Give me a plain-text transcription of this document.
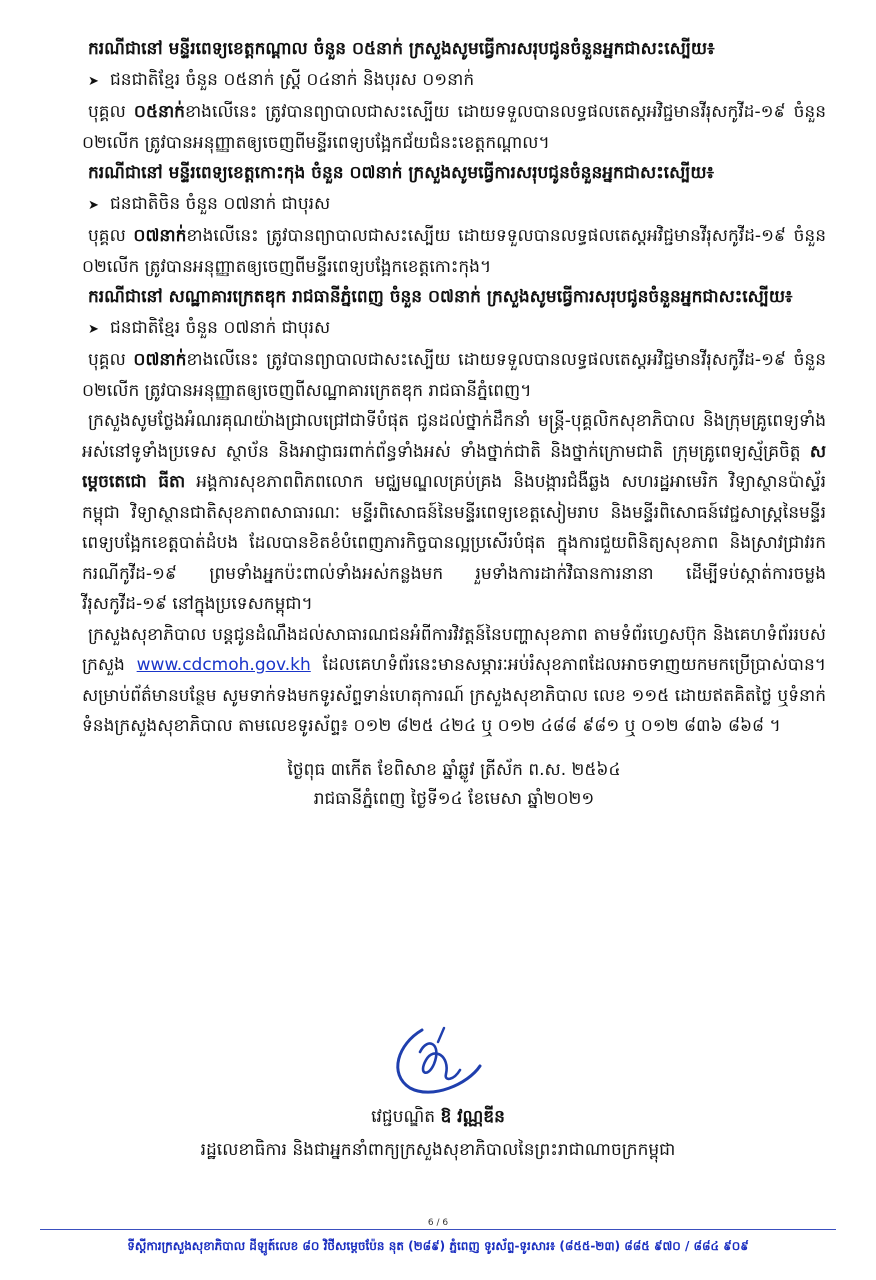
ករណីជានៅ មន្ទីរពេទ្យខេត្តកណ្តាល ចំនួន ០៥នាក់ ក្រសួងសូមធ្វើការសរុបជូនចំនួនអ្នកជាសះស្បើយ៖

➤ ជនជាតិខ្មែរ ចំនួន ០៥នាក់ ស្ត្រី ០៤នាក់ និងបុរស ០១នាក់

បុគ្គល ០៥នាក់ខាងលើនេះ ត្រូវបានព្យាបាលជាសះស្បើយ ដោយទទួលបានលទ្ធផលតេស្តអវិជ្ជមានវីរុសកូវីដ-១៩ ចំនួន ០២លើក ត្រូវបានអនុញ្ញាតឲ្យចេញពីមន្ទីរពេទ្យបង្អែកជ័យជំនះខេត្តកណ្តាល។

ករណីជានៅ មន្ទីរពេទ្យខេត្តកោះកុង ចំនួន ០៧នាក់ ក្រសួងសូមធ្វើការសរុបជូនចំនួនអ្នកជាសះស្បើយ៖

➤ ជនជាតិចិន ចំនួន ០៧នាក់ ជាបុរស

បុគ្គល ០៧នាក់ខាងលើនេះ ត្រូវបានព្យាបាលជាសះស្បើយ ដោយទទួលបានលទ្ធផលតេស្តអវិជ្ជមានវីរុសកូវីដ-១៩ ចំនួន ០២លើក ត្រូវបានអនុញ្ញាតឲ្យចេញពីមន្ទីរពេទ្យបង្អែកខេត្តកោះកុង។

ករណីជានៅ សណ្ឋាគារក្រេតឌុក រាជធានីភ្នំពេញ ចំនួន ០៧នាក់ ក្រសួងសូមធ្វើការសរុបជូនចំនួនអ្នកជាសះស្បើយ៖

➤ ជនជាតិខ្មែរ ចំនួន ០៧នាក់ ជាបុរស

បុគ្គល ០៧នាក់ខាងលើនេះ ត្រូវបានព្យាបាលជាសះស្បើយ ដោយទទួលបានលទ្ធផលតេស្តអវិជ្ជមានវីរុសកូវីដ-១៩ ចំនួន ០២លើក ត្រូវបានអនុញ្ញាតឲ្យចេញពីសណ្ឋាគារក្រេតឌុក រាជធានីភ្នំពេញ។

ក្រសួងសូមថ្លែងអំណរគុណយ៉ាងជ្រាលជ្រៅជាទីបំផុត ជូនដល់ថ្នាក់ដឹកនាំ មន្ត្រី-បុគ្គលិកសុខាភិបាល និងក្រុមគ្រូពេទ្យទាំងអស់នៅទូទាំងប្រទេស ស្ថាប័ន និងអាជ្ញាធរពាក់ព័ន្ធទាំងអស់ ទាំងថ្នាក់ជាតិ និងថ្នាក់ក្រោមជាតិ ក្រុមគ្រូពេទ្យស្ម័គ្រចិត្ត សម្តេចតេជោ ធីតា អង្គការសុខភាពពិភពលោក មជ្ឈមណ្ឌលគ្រប់គ្រង និងបង្ការជំងឺឆ្លង សហរដ្ឋអាមេរិក វិទ្យាស្ថានប៉ាស្ទ័រកម្ពុជា វិទ្យាស្ថានជាតិសុខភាពសាធារណៈ មន្ទីរពិសោធន៍នៃមន្ទីរពេទ្យខេត្តសៀមរាប និងមន្ទីរពិសោធន៍វេជ្ជសាស្ត្រនៃមន្ទីរពេទ្យបង្អែកខេត្តបាត់ដំបង ដែលបានខិតខំបំពេញភារកិច្ចបានល្អប្រសើរបំផុត ក្នុងការជួយពិនិត្យសុខភាព និងស្រាវជ្រាវរកករណីកូវីដ-១៩ ព្រមទាំងអ្នកប៉ះពាល់ទាំងអស់កន្លងមក រួមទាំងការដាក់វិធានការនានា ដើម្បីទប់ស្កាត់ការចម្លងវីរុសកូវីដ-១៩ នៅក្នុងប្រទេសកម្ពុជា។

ក្រសួងសុខាភិបាល បន្តជូនដំណឹងដល់សាធារណជនអំពីការវិវត្តន៍នៃបញ្ហាសុខភាព តាមទំព័រហ្វេសប៊ុក និងគេហទំព័ររបស់ក្រសួង www.cdcmoh.gov.kh ដែលគេហទំព័រនេះមានសម្ភារៈអប់រំសុខភាពដែលអាចទាញយកមកប្រើប្រាស់បាន។ សម្រាប់ព័ត៌មានបន្ថែម សូមទាក់ទងមកទូរស័ព្ទទាន់ហេតុការណ៍ ក្រសួងសុខាភិបាល លេខ ១១៥ ដោយឥតគិតថ្លៃ ឬទំនាក់ទំនងក្រសួងសុខាភិបាល តាមលេខទូរស័ព្ទ៖ ០១២ ៨២៥ ៤២៤ ឬ ០១២ ៤៨៨ ៩៨១ ឬ ០១២ ៨៣៦ ៨៦៨ ។

ថ្ងៃពុធ ៣កើត ខែពិសាខ ឆ្នាំឆ្លូវ ត្រីស័ក ព.ស. ២៥៦៤

រាជធានីភ្នំពេញ ថ្ងៃទី១៤ ខែមេសា ឆ្នាំ២០២១

វេជ្ជបណ្ឌិត ឱ វណ្ណឌីន
រដ្ឋលេខាធិការ និងជាអ្នកនាំពាក្យក្រសួងសុខាភិបាលនៃព្រះរាជាណាចក្រកម្ពុជា
6 / 6
ទីស្តីការក្រសួងសុខាភិបាល ដីឡូត៍លេខ ៨០ វិថីសម្តេចប៉ែន នុត (២៨៩) ភ្នំពេញ ទូរស័ព្ទ-ទូរសារ៖ (៨៥៥-២៣) ៨៨៥ ៩៧០ / ៨៨៤ ៩០៩
